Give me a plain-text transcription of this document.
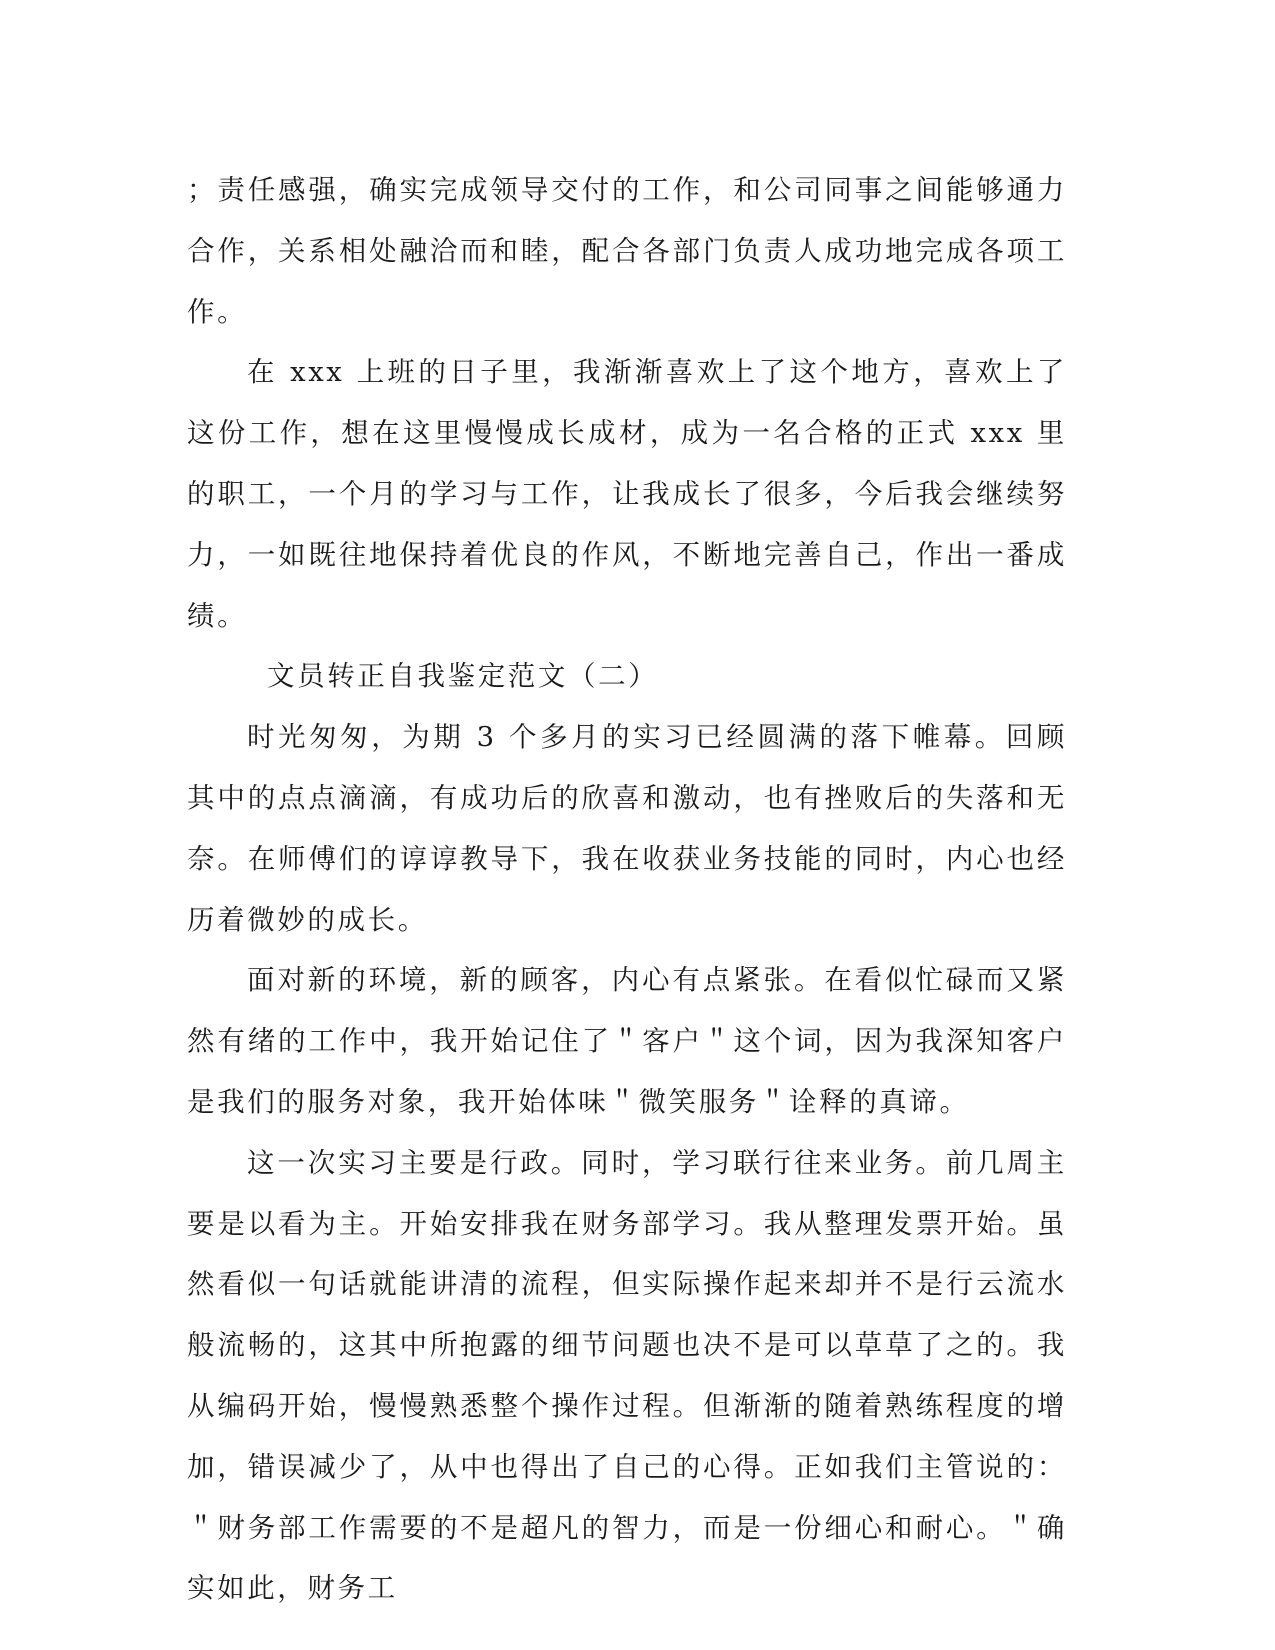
；责任感强，确实完成领导交付的工作，和公司同事之间能够通力合作，关系相处融洽而和睦，配合各部门负责人成功地完成各项工作。

在 xxx 上班的日子里，我渐渐喜欢上了这个地方，喜欢上了这份工作，想在这里慢慢成长成材，成为一名合格的正式 xxx 里的职工，一个月的学习与工作，让我成长了很多，今后我会继续努力，一如既往地保持着优良的作风，不断地完善自己，作出一番成绩。

文员转正自我鉴定范文（二）

时光匆匆，为期 3 个多月的实习已经圆满的落下帷幕。回顾其中的点点滴滴，有成功后的欣喜和激动，也有挫败后的失落和无奈。在师傅们的谆谆教导下，我在收获业务技能的同时，内心也经历着微妙的成长。

面对新的环境，新的顾客，内心有点紧张。在看似忙碌而又紧然有绪的工作中，我开始记住了＂客户＂这个词，因为我深知客户是我们的服务对象，我开始体味＂微笑服务＂诠释的真谛。

这一次实习主要是行政。同时，学习联行往来业务。前几周主要是以看为主。开始安排我在财务部学习。我从整理发票开始。虽然看似一句话就能讲清的流程，但实际操作起来却并不是行云流水般流畅的，这其中所抱露的细节问题也决不是可以草草了之的。我从编码开始，慢慢熟悉整个操作过程。但渐渐的随着熟练程度的增加，错误减少了，从中也得出了自己的心得。正如我们主管说的：＂财务部工作需要的不是超凡的智力，而是一份细心和耐心。＂确实如此，财务工
